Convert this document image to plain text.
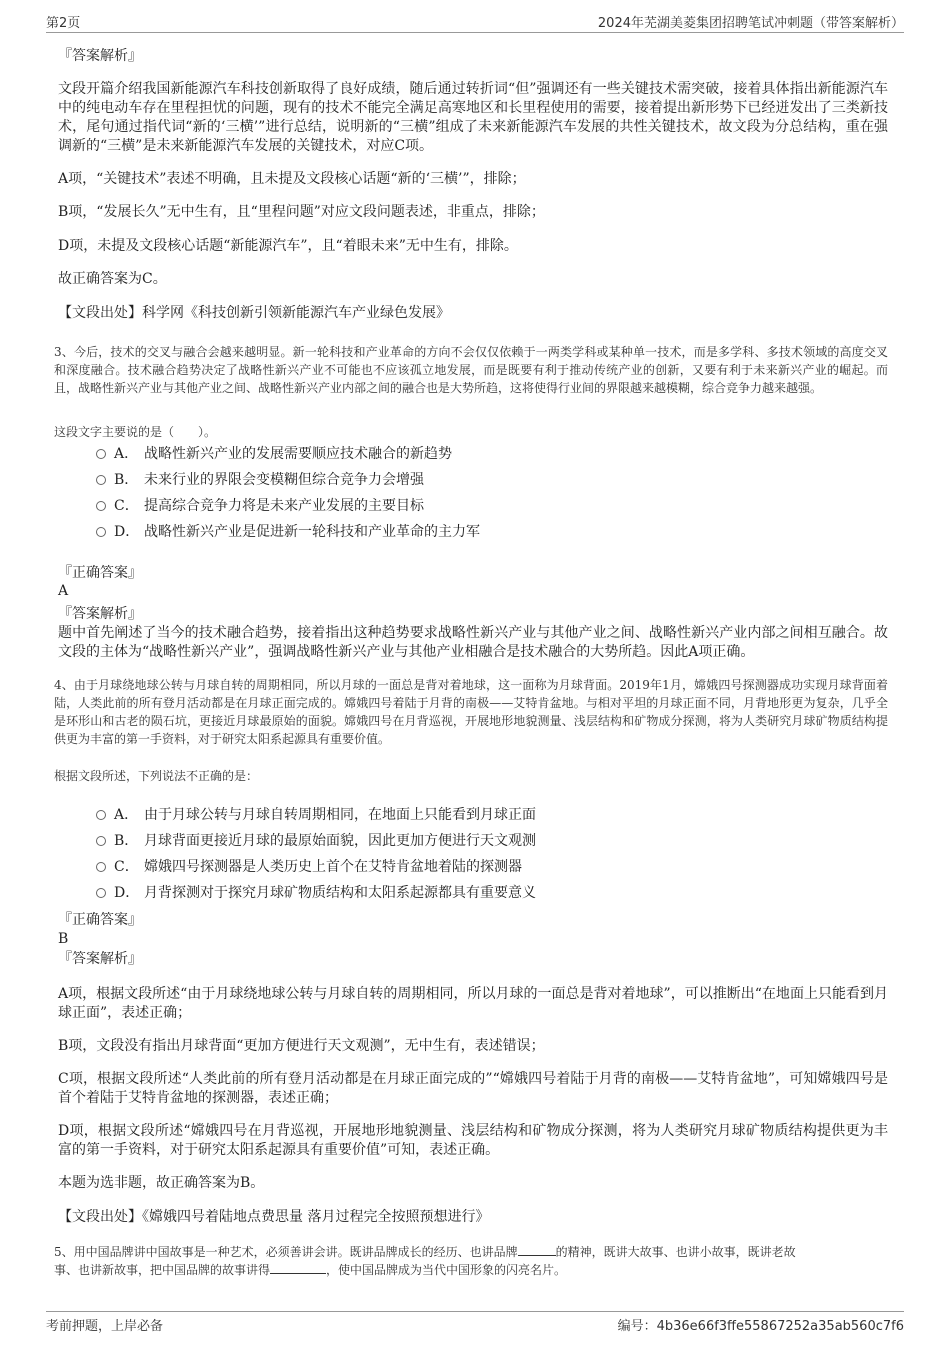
第2页	2024年芜湖美菱集团招聘笔试冲刺题（带答案解析）

『答案解析』

文段开篇介绍我国新能源汽车科技创新取得了良好成绩，随后通过转折词“但”强调还有一些关键技术需突破，接着具体指出新能源汽车中的纯电动车存在里程担忧的问题，现有的技术不能完全满足高寒地区和长里程使用的需要，接着提出新形势下已经迸发出了三类新技术，尾句通过指代词“新的‘三横’”进行总结，说明新的“三横”组成了未来新能源汽车发展的共性关键技术，故文段为分总结构，重在强调新的“三横”是未来新能源汽车发展的关键技术，对应C项。

A项，“关键技术”表述不明确，且未提及文段核心话题“新的‘三横’”，排除；

B项，“发展长久”无中生有，且“里程问题”对应文段问题表述，非重点，排除；

D项，未提及文段核心话题“新能源汽车”，且“着眼未来”无中生有，排除。

故正确答案为C。

【文段出处】科学网《科技创新引领新能源汽车产业绿色发展》

3、今后，技术的交叉与融合会越来越明显。新一轮科技和产业革命的方向不会仅仅依赖于一两类学科或某种单一技术，而是多学科、多技术领域的高度交叉和深度融合。技术融合趋势决定了战略性新兴产业不可能也不应该孤立地发展，而是既要有利于推动传统产业的创新，又要有利于未来新兴产业的崛起。而且，战略性新兴产业与其他产业之间、战略性新兴产业内部之间的融合也是大势所趋，这将使得行业间的界限越来越模糊，综合竞争力越来越强。

这段文字主要说的是（　　）。

A． 战略性新兴产业的发展需要顺应技术融合的新趋势
B． 未来行业的界限会变模糊但综合竞争力会增强
C． 提高综合竞争力将是未来产业发展的主要目标
D． 战略性新兴产业是促进新一轮科技和产业革命的主力军

『正确答案』

A

『答案解析』

题中首先阐述了当今的技术融合趋势，接着指出这种趋势要求战略性新兴产业与其他产业之间、战略性新兴产业内部之间相互融合。故文段的主体为“战略性新兴产业”，强调战略性新兴产业与其他产业相融合是技术融合的大势所趋。因此A项正确。

4、由于月球绕地球公转与月球自转的周期相同，所以月球的一面总是背对着地球，这一面称为月球背面。2019年1月，嫦娥四号探测器成功实现月球背面着陆，人类此前的所有登月活动都是在月球正面完成的。嫦娥四号着陆于月背的南极——艾特肯盆地。与相对平坦的月球正面不同，月背地形更为复杂，几乎全是环形山和古老的陨石坑，更接近月球最原始的面貌。嫦娥四号在月背巡视，开展地形地貌测量、浅层结构和矿物成分探测，将为人类研究月球矿物质结构提供更为丰富的第一手资料，对于研究太阳系起源具有重要价值。

根据文段所述，下列说法不正确的是：

A． 由于月球公转与月球自转周期相同，在地面上只能看到月球正面
B． 月球背面更接近月球的最原始面貌，因此更加方便进行天文观测
C． 嫦娥四号探测器是人类历史上首个在艾特肯盆地着陆的探测器
D． 月背探测对于探究月球矿物质结构和太阳系起源都具有重要意义

『正确答案』

B

『答案解析』

A项，根据文段所述“由于月球绕地球公转与月球自转的周期相同，所以月球的一面总是背对着地球”，可以推断出“在地面上只能看到月球正面”，表述正确；

B项，文段没有指出月球背面“更加方便进行天文观测”，无中生有，表述错误；

C项，根据文段所述“人类此前的所有登月活动都是在月球正面完成的”“嫦娥四号着陆于月背的南极——艾特肯盆地”，可知嫦娥四号是首个着陆于艾特肯盆地的探测器，表述正确；

D项，根据文段所述“嫦娥四号在月背巡视，开展地形地貌测量、浅层结构和矿物成分探测，将为人类研究月球矿物质结构提供更为丰富的第一手资料，对于研究太阳系起源具有重要价值”可知，表述正确。

本题为选非题，故正确答案为B。

【文段出处】《嫦娥四号着陆地点费思量 落月过程完全按照预想进行》

5、用中国品牌讲中国故事是一种艺术，必须善讲会讲。既讲品牌成长的经历、也讲品牌	的精神，既讲大故事、也讲小故事，既讲老故
事、也讲新故事，把中国品牌的故事讲得	，使中国品牌成为当代中国形象的闪亮名片。

考前押题，上岸必备	编号：4b36e66f3ffe55867252a35ab560c7f6
